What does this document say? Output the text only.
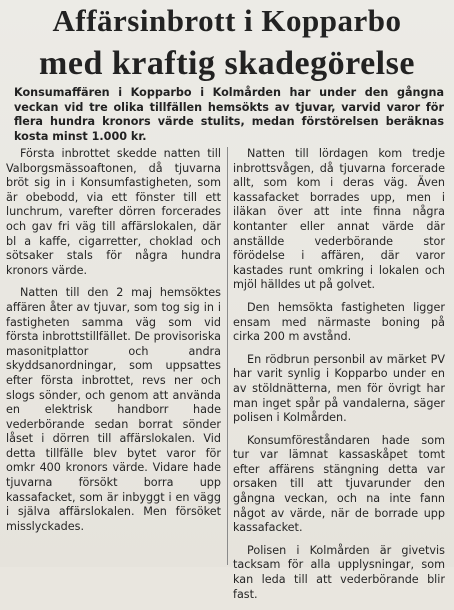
Affärsinbrott i Kopparbo
med kraftig skadegörelse

Konsumaffären i Kopparbo i Kolmården har under den gångna veckan vid tre olika tillfällen hemsökts av tjuvar, varvid varor för flera hundra kronors värde stulits, medan förstörelsen beräknas kosta minst 1.000 kr.

Första inbrottet skedde natten till Valborgsmässoaftonen, då tjuvarna bröt sig in i Konsumfastigheten, som är obebodd, via ett fönster till ett lunchrum, varefter dörren forcerades och gav fri väg till affärslokalen, där bl a kaffe, cigarretter, choklad och sötsaker stals för några hundra kronors värde.

Natten till den 2 maj hemsöktes affären åter av tjuvar, som tog sig in i fastigheten samma väg som vid första inbrottstillfället. De provisoriska masonitplattor och andra skyddsanordningar, som uppsattes efter första inbrottet, revs ner och slogs sönder, och genom att använda en elektrisk handborr hade vederbörande sedan borrat sönder låset i dörren till affärslokalen. Vid detta tillfälle blev bytet varor för omkr 400 kronors värde. Vidare hade tjuvarna försökt borra upp kassafacket, som är inbyggt i en vägg i själva affärslokalen. Men försöket misslyckades.

Natten till lördagen kom tredje inbrottsvågen, då tjuvarna forcerade allt, som kom i deras väg. Även kassafacket borrades upp, men i iläkan över att inte finna några kontanter eller annat värde där anställde vederbörande stor förödelse i affären, där varor kastades runt omkring i lokalen och mjöl hälldes ut på golvet.

Den hemsökta fastigheten ligger ensam med närmaste boning på cirka 200 m avstånd.

En rödbrun personbil av märket PV har varit synlig i Kopparbo under en av stöldnätterna, men för övrigt har man inget spår på vandalerna, säger polisen i Kolmården.

Konsumföreståndaren hade som tur var lämnat kassaskåpet tomt efter affärens stängning detta var orsaken till att tjuvarunder den gångna veckan, och na inte fann något av värde, när de borrade upp kassafacket.

Polisen i Kolmården är givetvis tacksam för alla upplysningar, som kan leda till att vederbörande blir fast.
